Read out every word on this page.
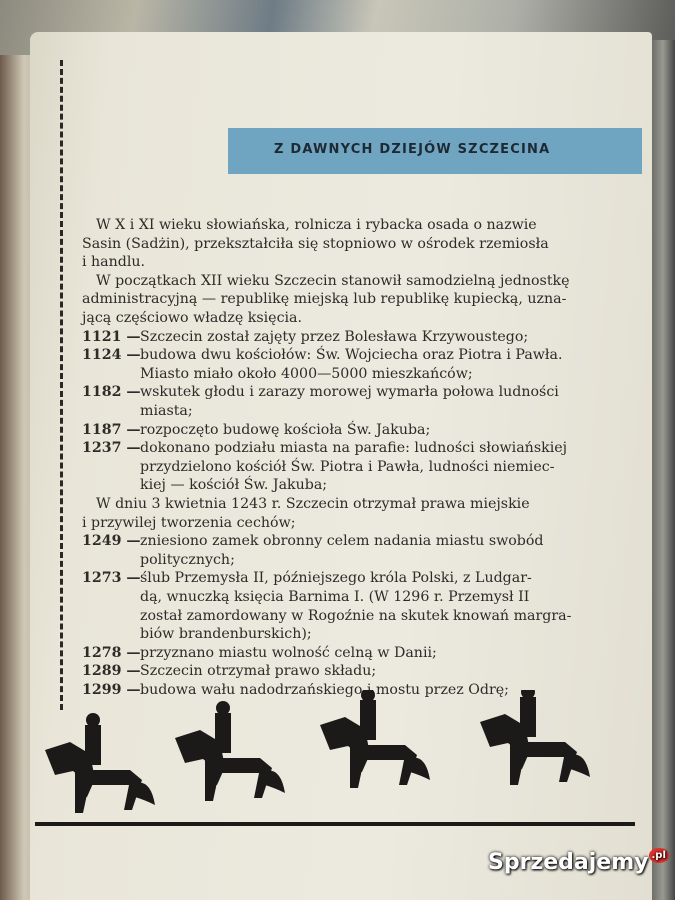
Z DAWNYCH DZIEJÓW SZCZECINA
W X i XI wieku słowiańska, rolnicza i rybacka osada o nazwie
Sasin (Sadżin), przekształciła się stopniowo w ośrodek rzemiosła
i handlu.
W początkach XII wieku Szczecin stanowił samodzielną jednostkę
administracyjną — republikę miejską lub republikę kupiecką, uzna-
jącą częściowo władzę księcia.
1121 — Szczecin został zajęty przez Bolesława Krzywoustego;
1124 — budowa dwu kościołów: Św. Wojciecha oraz Piotra i Pawła.
Miasto miało około 4000—5000 mieszkańców;
1182 — wskutek głodu i zarazy morowej wymarła połowa ludności
miasta;
1187 — rozpoczęto budowę kościoła Św. Jakuba;
1237 — dokonano podziału miasta na parafie: ludności słowiańskiej
przydzielono kościół Św. Piotra i Pawła, ludności niemiec-
kiej — kościół Św. Jakuba;
W dniu 3 kwietnia 1243 r. Szczecin otrzymał prawa miejskie
i przywilej tworzenia cechów;
1249 — zniesiono zamek obronny celem nadania miastu swobód
politycznych;
1273 — ślub Przemysła II, późniejszego króla Polski, z Ludgar-
dą, wnuczką księcia Barnima I. (W 1296 r. Przemysł II
został zamordowany w Rogoźnie na skutek knowań margra-
biów brandenburskich);
1278 — przyznano miastu wolność celną w Danii;
1289 — Szczecin otrzymał prawo składu;
1299 — budowa wału nadodrzańskiego i mostu przez Odrę;
Sprzedajemy $^{.pl}$
